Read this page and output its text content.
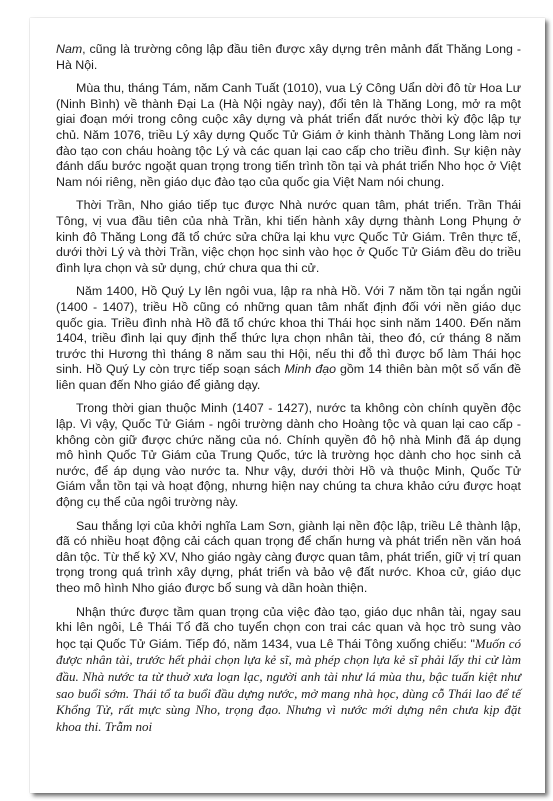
Nam, cũng là trường công lập đầu tiên được xây dựng trên mảnh đất Thăng Long - Hà Nội.

Mùa thu, tháng Tám, năm Canh Tuất (1010), vua Lý Công Uẩn dời đô từ Hoa Lư (Ninh Bình) về thành Đại La (Hà Nội ngày nay), đổi tên là Thăng Long, mở ra một giai đoạn mới trong công cuộc xây dựng và phát triển đất nước thời kỳ độc lập tự chủ. Năm 1076, triều Lý xây dựng Quốc Tử Giám ở kinh thành Thăng Long làm nơi đào tạo con cháu hoàng tộc Lý và các quan lại cao cấp cho triều đình. Sự kiện này đánh dấu bước ngoặt quan trọng trong tiến trình tồn tại và phát triển Nho học ở Việt Nam nói riêng, nền giáo dục đào tạo của quốc gia Việt Nam nói chung.

Thời Trần, Nho giáo tiếp tục được Nhà nước quan tâm, phát triển. Trần Thái Tông, vị vua đầu tiên của nhà Trần, khi tiến hành xây dựng thành Long Phụng ở kinh đô Thăng Long đã tổ chức sửa chữa lại khu vực Quốc Tử Giám. Trên thực tế, dưới thời Lý và thời Trần, việc chọn học sinh vào học ở Quốc Tử Giám đều do triều đình lựa chọn và sử dụng, chứ chưa qua thi cử.

Năm 1400, Hồ Quý Ly lên ngôi vua, lập ra nhà Hồ. Với 7 năm tồn tại ngắn ngủi (1400 - 1407), triều Hồ cũng có những quan tâm nhất định đối với nền giáo dục quốc gia. Triều đình nhà Hồ đã tổ chức khoa thi Thái học sinh năm 1400. Đến năm 1404, triều đình lại quy định thể thức lựa chọn nhân tài, theo đó, cứ tháng 8 năm trước thi Hương thì tháng 8 năm sau thi Hội, nếu thi đỗ thì được bổ làm Thái học sinh. Hồ Quý Ly còn trực tiếp soạn sách Minh đạo gồm 14 thiên bàn một số vấn đề liên quan đến Nho giáo để giảng dạy.

Trong thời gian thuộc Minh (1407 - 1427), nước ta không còn chính quyền độc lập. Vì vậy, Quốc Tử Giám - ngôi trường dành cho Hoàng tộc và quan lại cao cấp - không còn giữ được chức năng của nó. Chính quyền đô hộ nhà Minh đã áp dụng mô hình Quốc Tử Giám của Trung Quốc, tức là trường học dành cho học sinh cả nước, để áp dụng vào nước ta. Như vậy, dưới thời Hồ và thuộc Minh, Quốc Tử Giám vẫn tồn tại và hoạt động, nhưng hiện nay chúng ta chưa khảo cứu được hoạt động cụ thể của ngôi trường này.

Sau thắng lợi của khởi nghĩa Lam Sơn, giành lại nền độc lập, triều Lê thành lập, đã có nhiều hoạt động cải cách quan trọng để chấn hưng và phát triển nền văn hoá dân tộc. Từ thế kỷ XV, Nho giáo ngày càng được quan tâm, phát triển, giữ vị trí quan trọng trong quá trình xây dựng, phát triển và bảo vệ đất nước. Khoa cử, giáo dục theo mô hình Nho giáo được bổ sung và dần hoàn thiện.

Nhận thức được tầm quan trọng của việc đào tạo, giáo dục nhân tài, ngay sau khi lên ngôi, Lê Thái Tổ đã cho tuyển chọn con trai các quan và học trò sung vào học tại Quốc Tử Giám. Tiếp đó, năm 1434, vua Lê Thái Tông xuống chiếu: "Muốn có được nhân tài, trước hết phải chọn lựa kẻ sĩ, mà phép chọn lựa kẻ sĩ phải lấy thi cử làm đầu. Nhà nước ta từ thuở xưa loạn lạc, người anh tài như lá mùa thu, bậc tuấn kiệt như sao buổi sớm. Thái tổ ta buổi đầu dựng nước, mở mang nhà học, dùng cỗ Thái lao để tế Khổng Tử, rất mực sùng Nho, trọng đạo. Nhưng vì nước mới dựng nên chưa kịp đặt khoa thi. Trẫm noi
